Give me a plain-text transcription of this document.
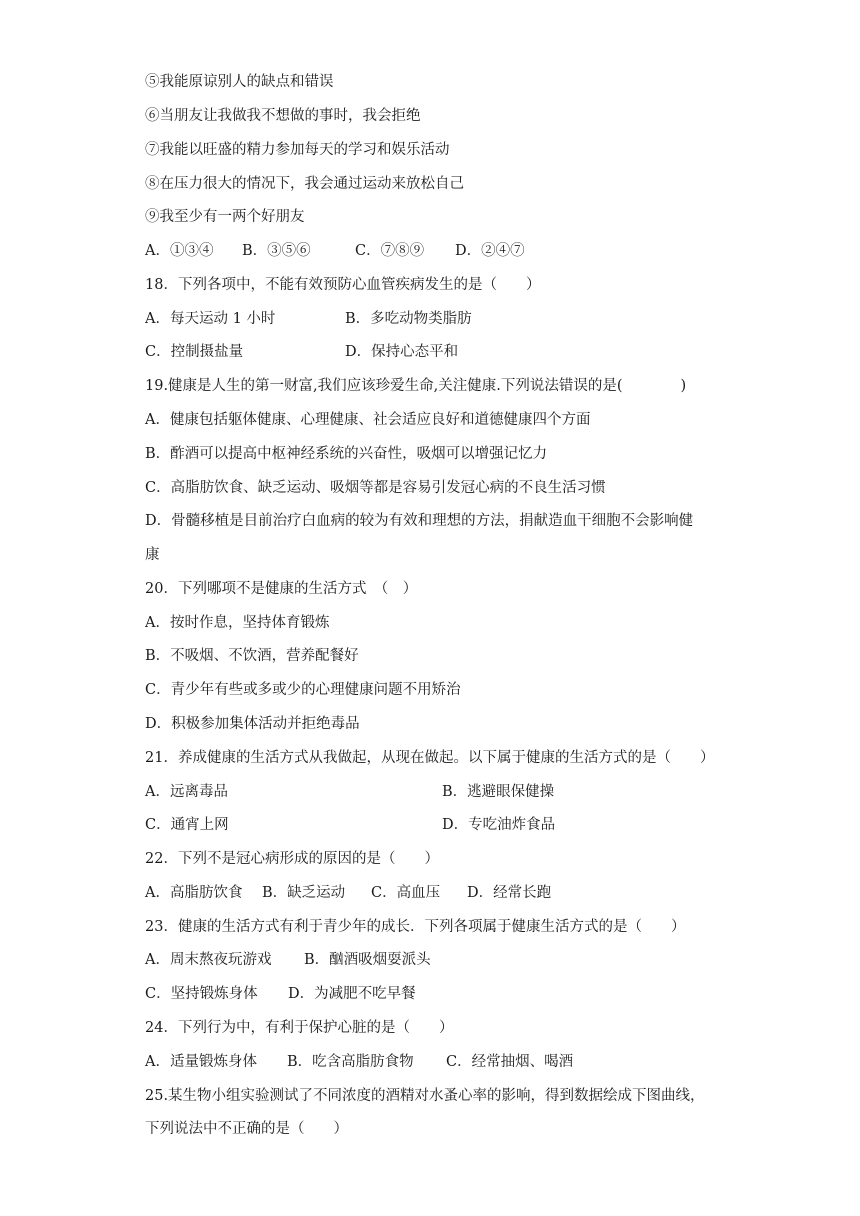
⑤我能原谅别人的缺点和错误
⑥当朋友让我做我不想做的事时，我会拒绝
⑦我能以旺盛的精力参加每天的学习和娱乐活动
⑧在压力很大的情况下，我会通过运动来放松自己
⑨我至少有一两个好朋友
A．①③④ B．③⑤⑥	C．⑦⑧⑨ D．②④⑦
18．下列各项中，不能有效预防心血管疾病发生的是（　　）
A．每天运动 1 小时	B．多吃动物类脂肪
C．控制摄盐量	D．保持心态平和
19.健康是人生的第一财富,我们应该珍爱生命,关注健康.下列说法错误的是(　　　　)
A．健康包括躯体健康、心理健康、社会适应良好和道德健康四个方面
B．酢酒可以提高中枢神经系统的兴奋性，吸烟可以增强记忆力
C．高脂肪饮食、缺乏运动、吸烟等都是容易引发冠心病的不良生活习惯
D．骨髓移植是目前治疗白血病的较为有效和理想的方法，捐献造血干细胞不会影响健
康
20．下列哪项不是健康的生活方式　（　）
A．按时作息，坚持体育锻炼
B．不吸烟、不饮酒，营养配餐好
C．青少年有些或多或少的心理健康问题不用矫治
D．积极参加集体活动并拒绝毒品
21．养成健康的生活方式从我做起，从现在做起。以下属于健康的生活方式的是（　　）
A．远离毒品	B．逃避眼保健操
C．通宵上网	D．专吃油炸食品
22．下列不是冠心病形成的原因的是（　　）
A．高脂肪饮食 B．缺乏运动 C．高血压 D．经常长跑
23．健康的生活方式有利于青少年的成长．下列各项属于健康生活方式的是（　　）
A．周末熬夜玩游戏 B．酗酒吸烟耍派头
C．坚持锻炼身体 D．为减肥不吃早餐
24．下列行为中，有利于保护心脏的是（　　）
A．适量锻炼身体 B．吃含高脂肪食物 C．经常抽烟、喝酒
25.某生物小组实验测试了不同浓度的酒精对水蚤心率的影响，得到数据绘成下图曲线，
下列说法中不正确的是（　　）
